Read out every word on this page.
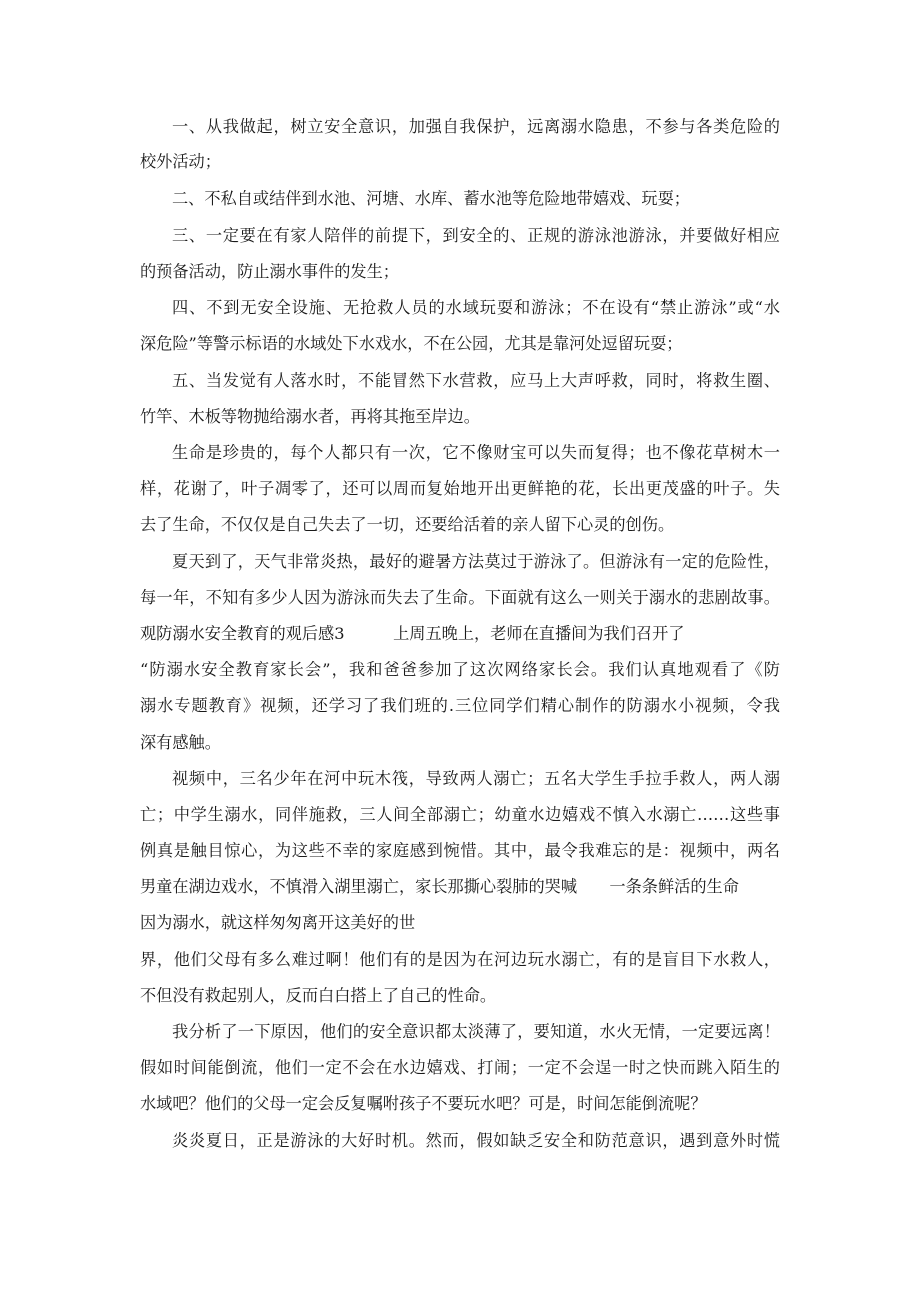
一、从我做起，树立安全意识，加强自我保护，远离溺水隐患，不参与各类危险的

校外活动；

二、不私自或结伴到水池、河塘、水库、蓄水池等危险地带嬉戏、玩耍；

三、一定要在有家人陪伴的前提下，到安全的、正规的游泳池游泳，并要做好相应

的预备活动，防止溺水事件的发生；

四、不到无安全设施、无抢救人员的水域玩耍和游泳；不在设有“禁止游泳”或“水

深危险”等警示标语的水域处下水戏水，不在公园，尤其是靠河处逗留玩耍；

五、当发觉有人落水时，不能冒然下水营救，应马上大声呼救，同时，将救生圈、

竹竿、木板等物抛给溺水者，再将其拖至岸边。

生命是珍贵的，每个人都只有一次，它不像财宝可以失而复得；也不像花草树木一

样，花谢了，叶子凋零了，还可以周而复始地开出更鲜艳的花，长出更茂盛的叶子。失

去了生命，不仅仅是自己失去了一切，还要给活着的亲人留下心灵的创伤。

夏天到了，天气非常炎热，最好的避暑方法莫过于游泳了。但游泳有一定的危险性，

每一年，不知有多少人因为游泳而失去了生命。下面就有这么一则关于溺水的悲剧故事。

观防溺水安全教育的观后感3　　　上周五晚上，老师在直播间为我们召开了

“防溺水安全教育家长会”，我和爸爸参加了这次网络家长会。我们认真地观看了《防

溺水专题教育》视频，还学习了我们班的.三位同学们精心制作的防溺水小视频，令我

深有感触。

视频中，三名少年在河中玩木筏，导致两人溺亡；五名大学生手拉手救人，两人溺

亡；中学生溺水，同伴施救，三人间全部溺亡；幼童水边嬉戏不慎入水溺亡……这些事

例真是触目惊心，为这些不幸的家庭感到惋惜。其中，最令我难忘的是：视频中，两名

男童在湖边戏水，不慎滑入湖里溺亡，家长那撕心裂肺的哭喊　　一条条鲜活的生命

因为溺水，就这样匆匆离开这美好的世

界，他们父母有多么难过啊！他们有的是因为在河边玩水溺亡，有的是盲目下水救人，

不但没有救起别人，反而白白搭上了自己的性命。

我分析了一下原因，他们的安全意识都太淡薄了，要知道，水火无情，一定要远离！

假如时间能倒流，他们一定不会在水边嬉戏、打闹；一定不会逞一时之快而跳入陌生的

水域吧？他们的父母一定会反复嘱咐孩子不要玩水吧？可是，时间怎能倒流呢？

炎炎夏日，正是游泳的大好时机。然而，假如缺乏安全和防范意识，遇到意外时慌
